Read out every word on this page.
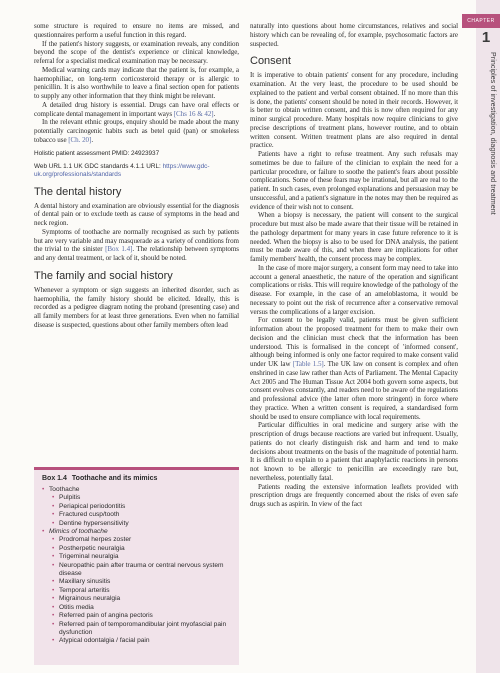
CHAPTER
1
Principles of investigation, diagnosis and treatment

some structure is required to ensure no items are missed, and questionnaires perform a useful function in this regard.

If the patient's history suggests, or examination reveals, any condition beyond the scope of the dentist's experience or clinical knowledge, referral for a specialist medical examination may be necessary.

Medical warning cards may indicate that the patient is, for example, a haemophiliac, on long-term corticosteroid therapy or is allergic to penicillin. It is also worthwhile to leave a final section open for patients to supply any other information that they think might be relevant.

A detailed drug history is essential. Drugs can have oral effects or complicate dental management in important ways [Chs 16 & 42].

In the relevant ethnic groups, enquiry should be made about the many potentially carcinogenic habits such as betel quid (pan) or smokeless tobacco use [Ch. 20].

Holistic patient assessment PMID: 24923937

Web URL 1.1 UK GDC standards 4.1.1 URL: https://www.gdc-uk.org/professionals/standards

The dental history

A dental history and examination are obviously essential for the diagnosis of dental pain or to exclude teeth as cause of symptoms in the head and neck region.

Symptoms of toothache are normally recognised as such by patients but are very variable and may masquerade as a variety of conditions from the trivial to the sinister [Box 1.4]. The relationship between symptoms and any dental treatment, or lack of it, should be noted.

The family and social history

Whenever a symptom or sign suggests an inherited disorder, such as haemophilia, the family history should be elicited. Ideally, this is recorded as a pedigree diagram noting the proband (presenting case) and all family members for at least three generations. Even when no familial disease is suspected, questions about other family members often lead

Box 1.4 Toothache and its mimics
• Toothache
• Pulpitis
• Periapical periodontitis
• Fractured cusp/tooth
• Dentine hypersensitivity
• Mimics of toothache
• Prodromal herpes zoster
• Postherpetic neuralgia
• Trigeminal neuralgia
• Neuropathic pain after trauma or central nervous system disease
• Maxillary sinusitis
• Temporal arteritis
• Migrainous neuralgia
• Otitis media
• Referred pain of angina pectoris
• Referred pain of temporomandibular joint myofascial pain dysfunction
• Atypical odontalgia / facial pain

naturally into questions about home circumstances, relatives and social history which can be revealing of, for example, psychosomatic factors are suspected.

Consent

It is imperative to obtain patients' consent for any procedure, including examination. At the very least, the procedure to be used should be explained to the patient and verbal consent obtained. If no more than this is done, the patients' consent should be noted in their records. However, it is better to obtain written consent, and this is now often required for any minor surgical procedure. Many hospitals now require clinicians to give precise descriptions of treatment plans, however routine, and to obtain written consent. Written treatment plans are also required in dental practice.

Patients have a right to refuse treatment. Any such refusals may sometimes be due to failure of the clinician to explain the need for a particular procedure, or failure to soothe the patient's fears about possible complications. Some of these fears may be irrational, but all are real to the patient. In such cases, even prolonged explanations and persuasion may be unsuccessful, and a patient's signature in the notes may then be required as evidence of their wish not to consent.

When a biopsy is necessary, the patient will consent to the surgical procedure but must also be made aware that their tissue will be retained in the pathology department for many years in case future reference to it is needed. When the biopsy is also to be used for DNA analysis, the patient must be made aware of this, and when there are implications for other family members' health, the consent process may be complex.

In the case of more major surgery, a consent form may need to take into account a general anaesthetic, the nature of the operation and significant complications or risks. This will require knowledge of the pathology of the disease. For example, in the case of an ameloblastoma, it would be necessary to point out the risk of recurrence after a conservative removal versus the complications of a larger excision.

For consent to be legally valid, patients must be given sufficient information about the proposed treatment for them to make their own decision and the clinician must check that the information has been understood. This is formalised in the concept of 'informed consent', although being informed is only one factor required to make consent valid under UK law [Table 1.5]. The UK law on consent is complex and often enshrined in case law rather than Acts of Parliament. The Mental Capacity Act 2005 and The Human Tissue Act 2004 both govern some aspects, but consent evolves constantly, and readers need to be aware of the regulations and professional advice (the latter often more stringent) in force where they practice. When a written consent is required, a standardised form should be used to ensure compliance with local requirements.

Particular difficulties in oral medicine and surgery arise with the prescription of drugs because reactions are varied but infrequent. Usually, patients do not clearly distinguish risk and harm and tend to make decisions about treatments on the basis of the magnitude of potential harm. It is difficult to explain to a patient that anaphylactic reactions in persons not known to be allergic to penicillin are exceedingly rare but, nevertheless, potentially fatal.

Patients reading the extensive information leaflets provided with prescription drugs are frequently concerned about the risks of even safe drugs such as aspirin. In view of the fact
